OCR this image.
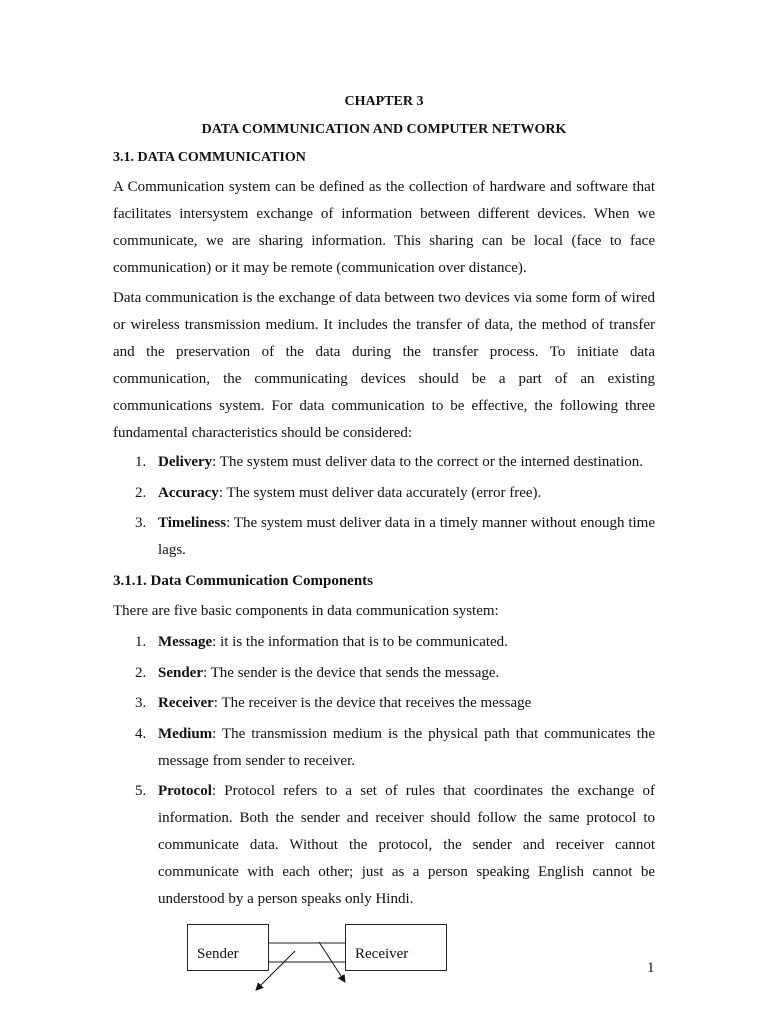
CHAPTER 3
DATA COMMUNICATION AND COMPUTER NETWORK
3.1. DATA COMMUNICATION
A Communication system can be defined as the collection of hardware and software that facilitates intersystem exchange of information between different devices. When we communicate, we are sharing information. This sharing can be local (face to face communication) or it may be remote (communication over distance).
Data communication is the exchange of data between two devices via some form of wired or wireless transmission medium. It includes the transfer of data, the method of transfer and the preservation of the data during the transfer process. To initiate data communication, the communicating devices should be a part of an existing communications system. For data communication to be effective, the following three fundamental characteristics should be considered:
1. Delivery: The system must deliver data to the correct or the interned destination.
2. Accuracy: The system must deliver data accurately (error free).
3. Timeliness: The system must deliver data in a timely manner without enough time lags.
3.1.1. Data Communication Components
There are five basic components in data communication system:
1. Message: it is the information that is to be communicated.
2. Sender: The sender is the device that sends the message.
3. Receiver: The receiver is the device that receives the message
4. Medium: The transmission medium is the physical path that communicates the message from sender to receiver.
5. Protocol: Protocol refers to a set of rules that coordinates the exchange of information. Both the sender and receiver should follow the same protocol to communicate data. Without the protocol, the sender and receiver cannot communicate with each other; just as a person speaking English cannot be understood by a person speaks only Hindi.
Sender	Receiver
1
